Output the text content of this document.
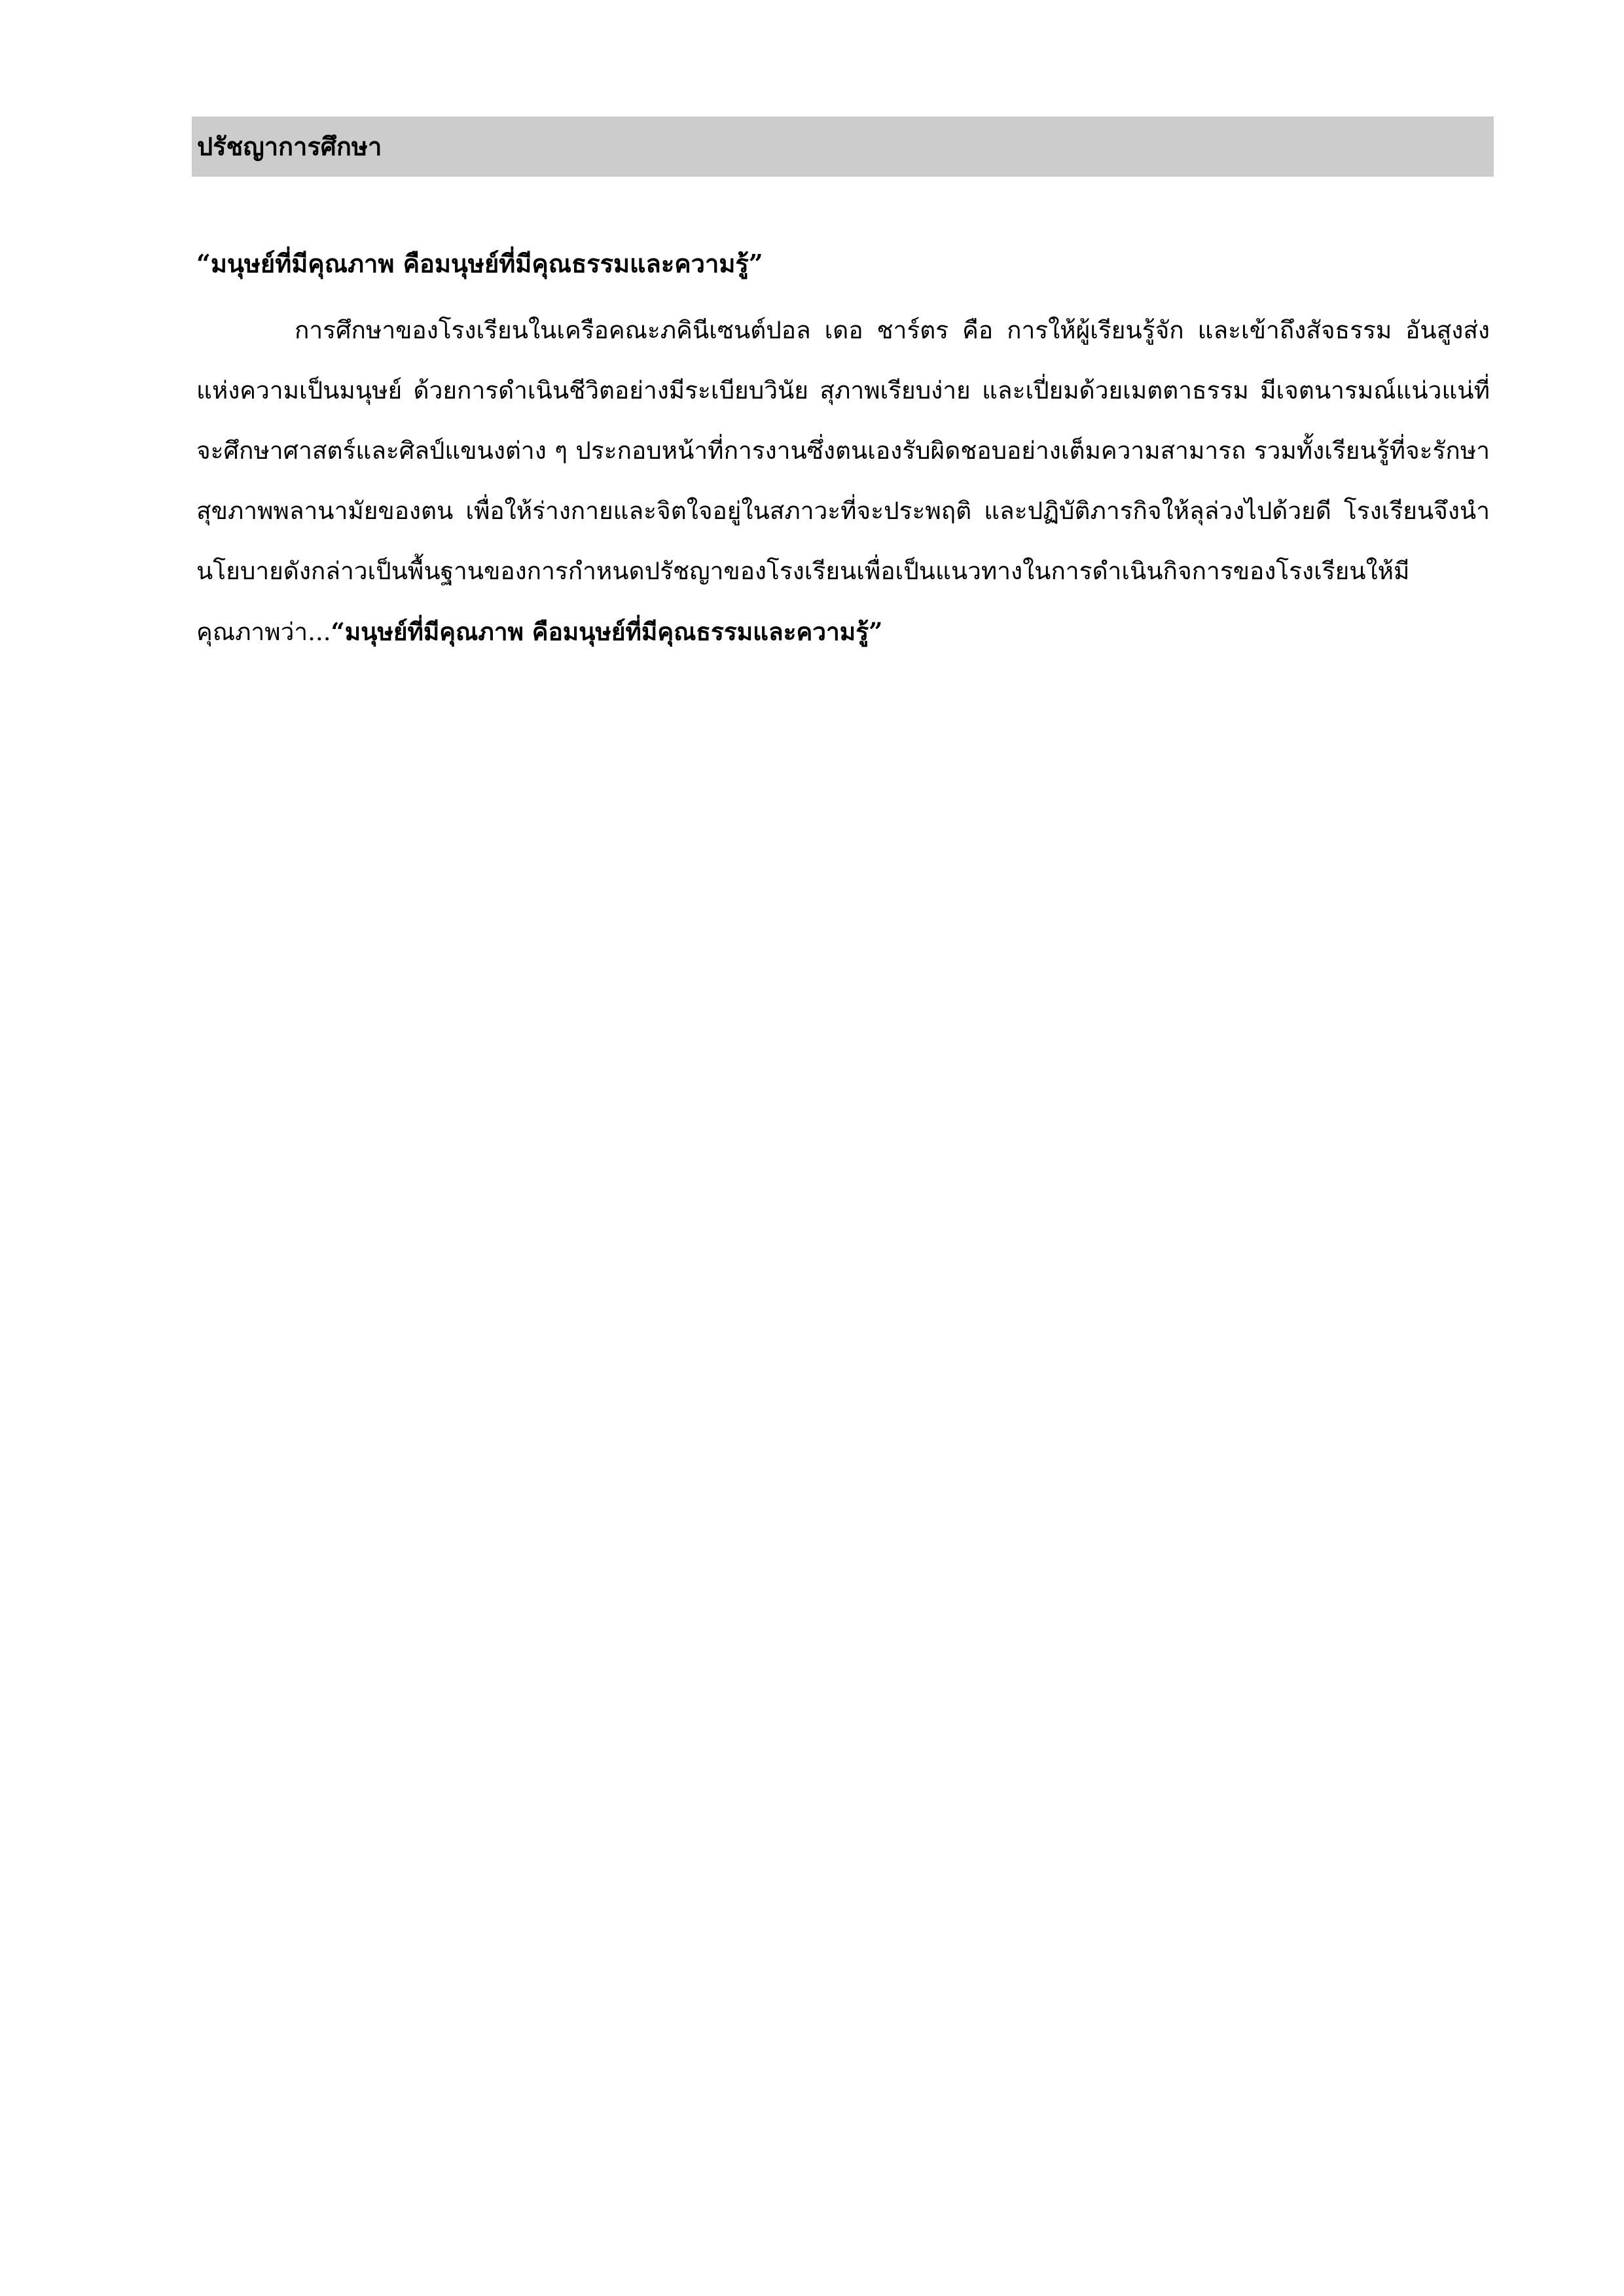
ปรัชญาการศึกษา
“มนุษย์ที่มีคุณภาพ คือมนุษย์ที่มีคุณธรรมและความรู้”

การศึกษาของโรงเรียนในเครือคณะภคินีเซนต์ปอล เดอ ชาร์ตร คือ การให้ผู้เรียนรู้จัก และเข้าถึงสัจธรรม อันสูงส่งแห่งความเป็นมนุษย์ ด้วยการดำเนินชีวิตอย่างมีระเบียบวินัย สุภาพเรียบง่าย และเปี่ยมด้วยเมตตาธรรม มีเจตนารมณ์แน่วแน่ที่จะศึกษาศาสตร์และศิลป์แขนงต่าง ๆ ประกอบหน้าที่การงานซึ่งตนเองรับผิดชอบอย่างเต็มความสามารถ รวมทั้งเรียนรู้ที่จะรักษาสุขภาพพลานามัยของตน เพื่อให้ร่างกายและจิตใจอยู่ในสภาวะที่จะประพฤติ และปฏิบัติภารกิจให้ลุล่วงไปด้วยดี โรงเรียนจึงนำนโยบายดังกล่าวเป็นพื้นฐานของการกำหนดปรัชญาของโรงเรียนเพื่อเป็นแนวทางในการดำเนินกิจการของโรงเรียนให้มีคุณภาพว่า...“มนุษย์ที่มีคุณภาพ คือมนุษย์ที่มีคุณธรรมและความรู้”
